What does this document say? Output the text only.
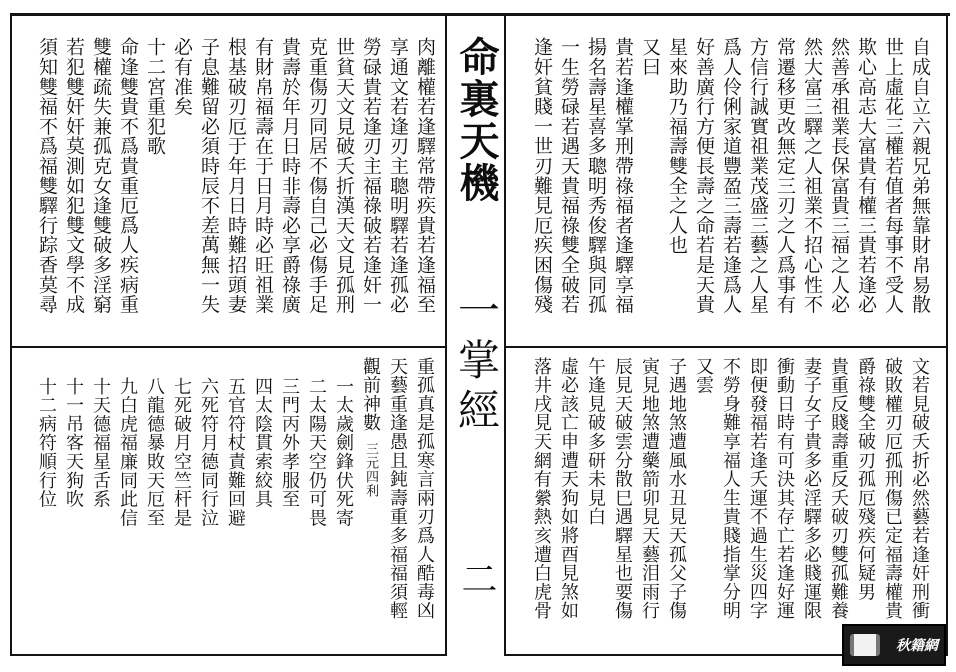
命裏天機
一掌經
二
自成自立六親兄弟無靠財帛易散
世上虛花三權若值者每事不受人
欺心高志大富貴有權三貴若逢必
然善承祖業長保富貴三福之人必
然大富三驛之人祖業不招心性不
常遷移更改無定三刃之人爲事有
方信行誠實祖業茂盛三藝之人星
爲人伶俐家道豐盈三壽若逢爲人
好善廣行方便長壽之命若是天貴
星來助乃福壽雙全之人也
又曰
貴若逢權掌刑帶祿福者逢驛享福
揚名壽星喜多聰明秀俊驛與同孤
一生勞碌若遇天貴福祿雙全破若
逢奸貧賤一世刃難見厄疾困傷殘
文若見破夭折必然藝若逢奸刑衝
破敗權刃厄孤刑傷已定福壽權貴
爵祿雙全破刃孤厄殘疾何疑男
貴重反賤壽重反夭破刃雙孤難養
妻子女子貴多必淫驛多必賤運限
衝動日時有可決其存亡若逢好運
即便發福若逢夭運不過生災四字
不勞身難享福人生貴賤指掌分明
又雲
子遇地煞遭風水丑見天孤父子傷
寅見地煞遭藥箭卯見天藝泪雨行
辰見天破雲分散巳遇驛星也要傷
午逢見破多研未見白
虛必該亡申遭天狗如將酉見煞如
落井戌見天網有縈熱亥遭白虎骨
肉離權若逢驛常帶疾貴若逢福至
享通文若逢刃主聰明驛若逢孤必
勞碌貴若逢刃主福祿破若逢奸一
世貧天文見破夭折漢天文見孤刑
克重傷刃同居不傷自己必傷手足
貴壽於年月日時非壽必享爵祿廣
有財帛福壽在于日月時必旺祖業
根基破刃厄于年月日時難招頭妻
子息難留必須時辰不差萬無一失
必有准矣
十二宮重犯歌
命逢雙貴不爲貴重厄爲人疾病重
雙權疏失兼孤克女逢雙破多淫窮
若犯雙奸奸莫測如犯雙文學不成
須知雙福不爲福雙驛行踪香莫尋
重孤真是孤寒言兩刃爲人酷毒凶
天藝重逢愚且鈍壽重多福福須輕
觀前神數三元四利
一太歲劍鋒伏死寄
二太陽天空仍可畏
三門丙外孝服至
四太陰貫索絞具
五官符杖責難回避
六死符月德同行泣
七死破月空竺杆是
八龍德暴敗天厄至
九白虎福廉同此信
十天德福星舌系
十一吊客天狗吹
十二病符順行位
秋籍網
